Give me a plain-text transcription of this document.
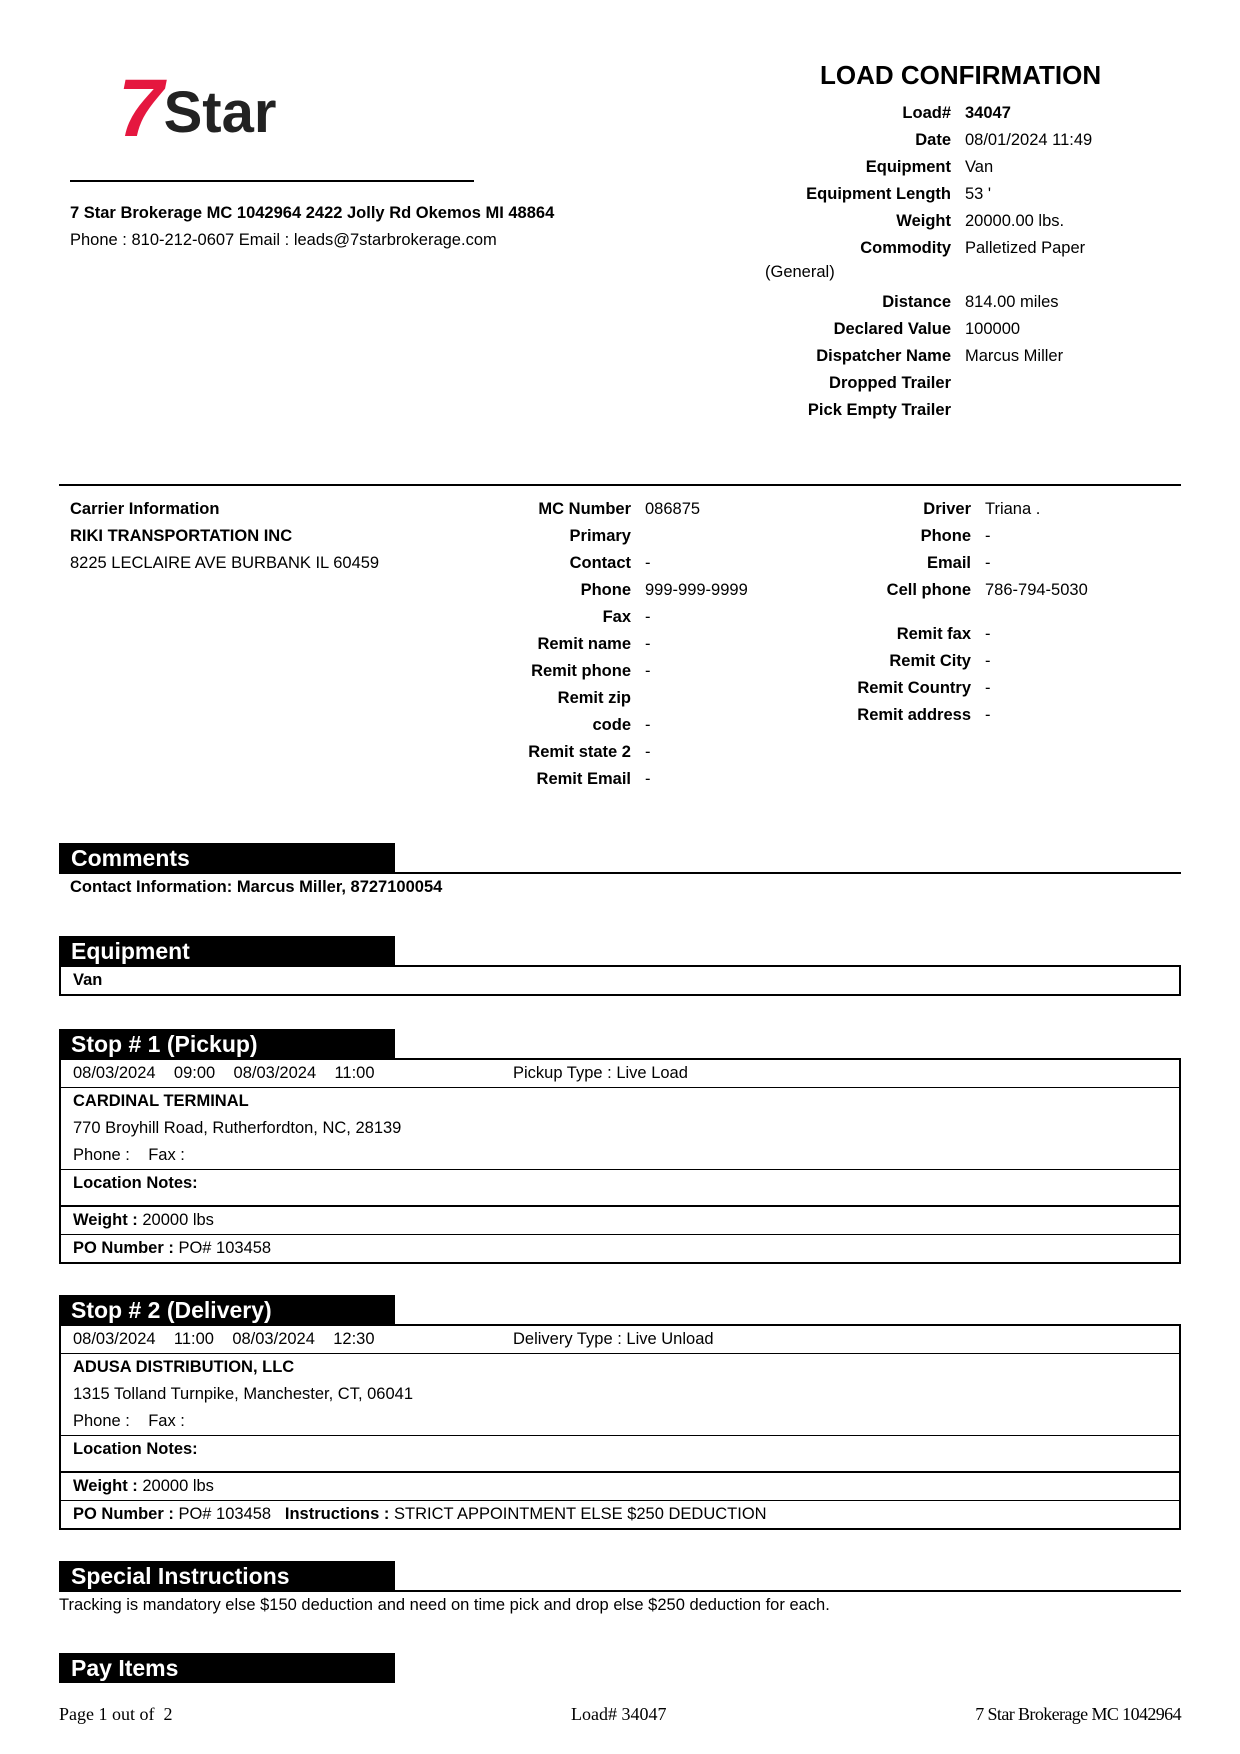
7 Star
7 Star Brokerage MC 1042964 2422 Jolly Rd Okemos MI 48864
Phone : 810-212-0607 Email : leads@7starbrokerage.com
LOAD CONFIRMATION
Load# 34047
Date 08/01/2024 11:49
Equipment Van
Equipment Length 53 '
Weight 20000.00 lbs.
Commodity Palletized Paper
Distance 814.00 miles
Declared Value 100000
Dispatcher Name Marcus Miller
Dropped Trailer
Pick Empty Trailer
(General)
Carrier Information
RIKI TRANSPORTATION INC
8225 LECLAIRE AVE BURBANK IL 60459
MC Number 086875
Primary
Contact -
Phone 999-999-9999
Fax -
Remit name -
Remit phone -
Remit zip
code -
Remit state 2 -
Remit Email -
Driver Triana .
Phone -
Email -
Cell phone 786-794-5030
Remit fax -
Remit City -
Remit Country -
Remit address -
Comments
Contact Information: Marcus Miller, 8727100054
Equipment
Van
Stop # 1 (Pickup)
08/03/2024    09:00    08/03/2024    11:00	Pickup Type : Live Load
CARDINAL TERMINAL
770 Broyhill Road, Rutherfordton, NC, 28139
Phone :    Fax :
Location Notes:
Weight : 20000 lbs
PO Number : PO# 103458
Stop # 2 (Delivery)
08/03/2024    11:00    08/03/2024    12:30	Delivery Type : Live Unload
ADUSA DISTRIBUTION, LLC
1315 Tolland Turnpike, Manchester, CT, 06041
Phone :    Fax :
Location Notes:
Weight : 20000 lbs
PO Number : PO# 103458 Instructions : STRICT APPOINTMENT ELSE $250 DEDUCTION
Special Instructions
Tracking is mandatory else $150 deduction and need on time pick and drop else $250 deduction for each.
Pay Items
Page 1 out of  2	Load# 34047	7 Star Brokerage MC 1042964
